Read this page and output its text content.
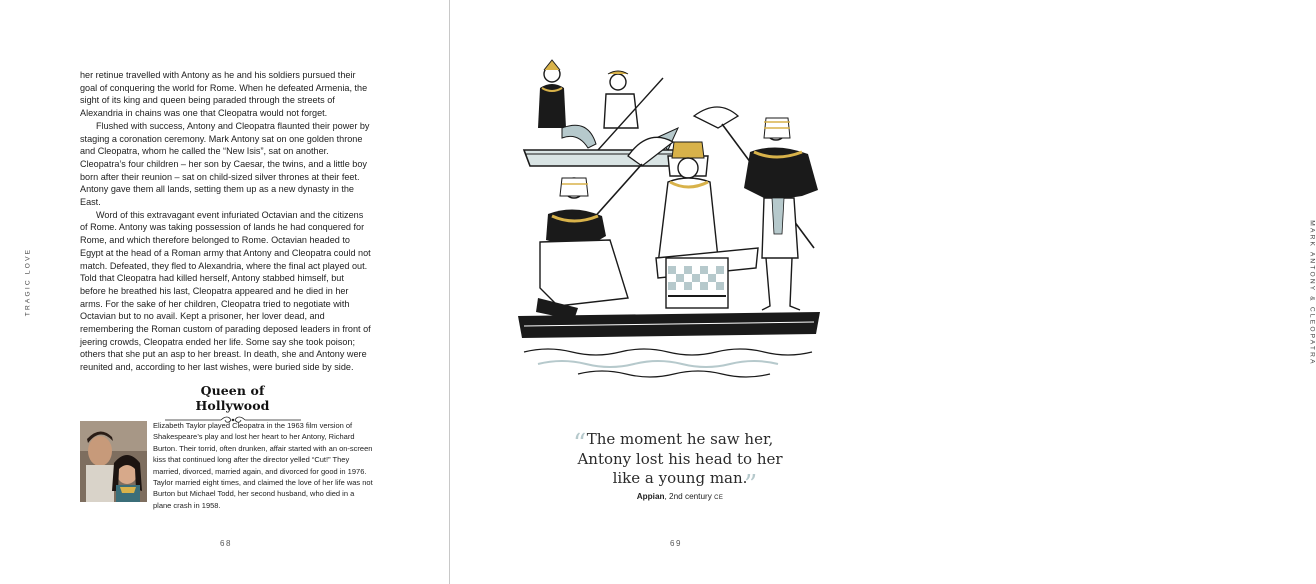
TRAGIC LOVE

her retinue travelled with Antony as he and his soldiers pursued their goal of conquering the world for Rome. When he defeated Armenia, the sight of its king and queen being paraded through the streets of Alexandria in chains was one that Cleopatra would not forget.

Flushed with success, Antony and Cleopatra flaunted their power by staging a coronation ceremony. Mark Antony sat on one golden throne and Cleopatra, whom he called the “New Isis”, sat on another. Cleopatra’s four children – her son by Caesar, the twins, and a little boy born after their reunion – sat on child-sized silver thrones at their feet. Antony gave them all lands, setting them up as a new dynasty in the East.

Word of this extravagant event infuriated Octavian and the citizens of Rome. Antony was taking possession of lands he had conquered for Rome, and which therefore belonged to Rome. Octavian headed to Egypt at the head of a Roman army that Antony and Cleopatra could not match. Defeated, they fled to Alexandria, where the final act played out. Told that Cleopatra had killed herself, Antony stabbed himself, but before he breathed his last, Cleopatra appeared and he died in her arms. For the sake of her children, Cleopatra tried to negotiate with Octavian but to no avail. Kept a prisoner, her lover dead, and remembering the Roman custom of parading deposed leaders in front of jeering crowds, Cleopatra ended her life. Some say she took poison; others that she put an asp to her breast. In death, she and Antony were reunited and, according to her last wishes, were buried side by side.

Queen of Hollywood

Elizabeth Taylor played Cleopatra in the 1963 film version of Shakespeare’s play and lost her heart to her Antony, Richard Burton. Their torrid, often drunken, affair started with an on-screen kiss that continued long after the director yelled “Cut!” They married, divorced, married again, and divorced for good in 1976. Taylor married eight times, and claimed the love of her life was not Burton but Michael Todd, her second husband, who died in a plane crash in 1958.

68
MARK ANTONY & CLEOPATRA
“ The moment he saw her,
Antony lost his head to her
like a young man.
”
Appian, 2nd century CE
69
